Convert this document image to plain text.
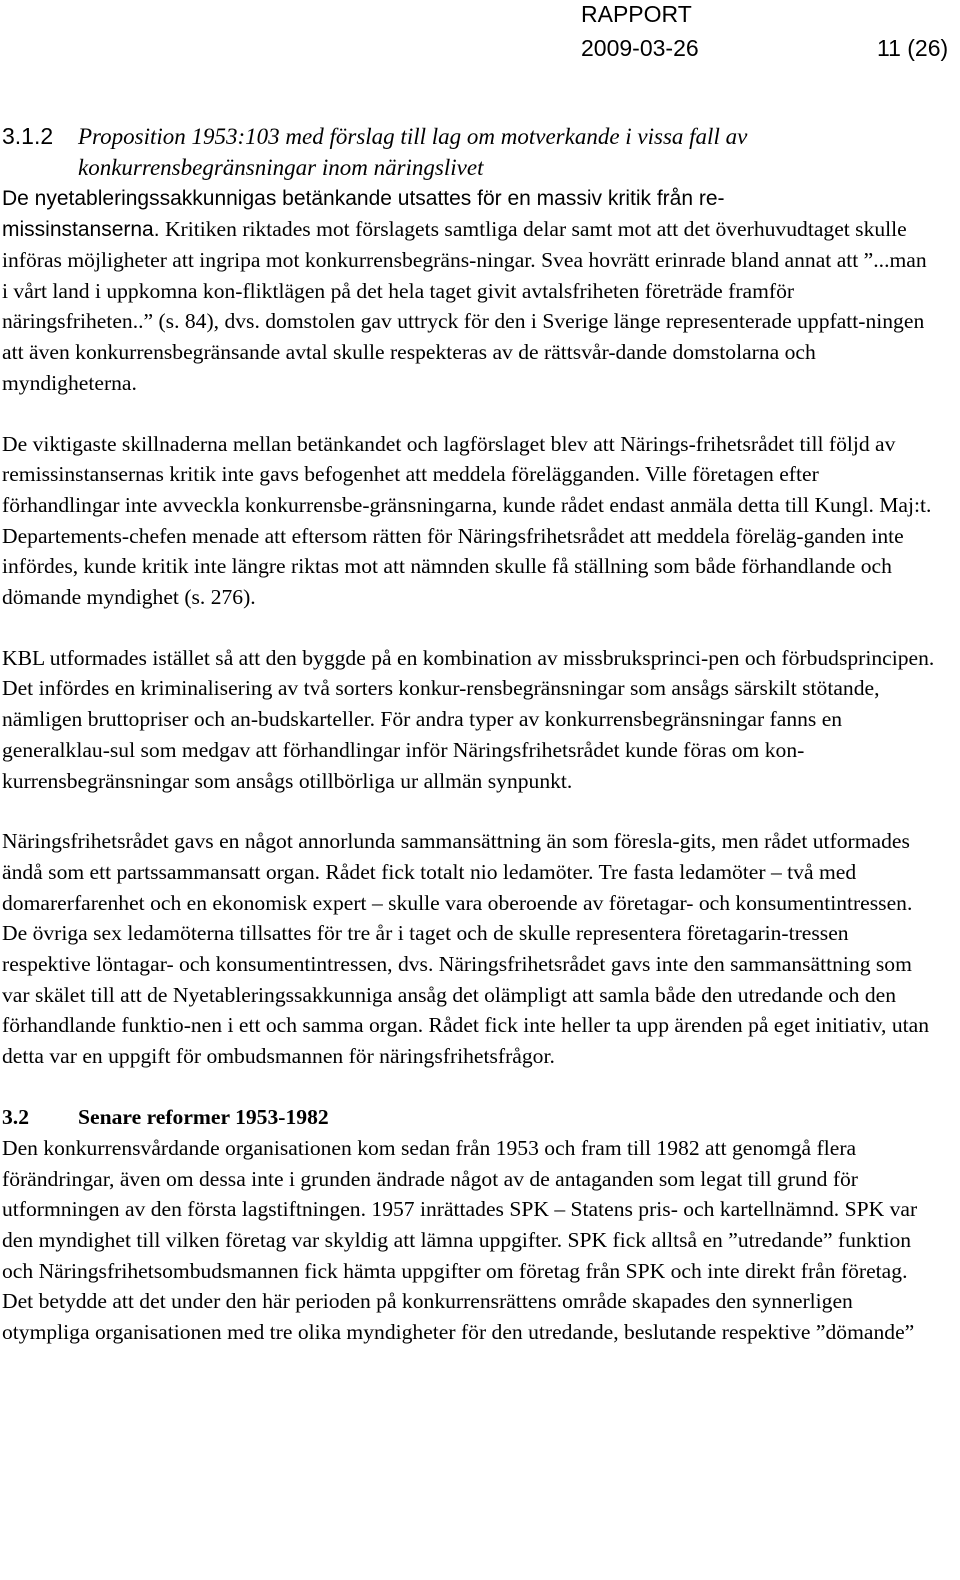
RAPPORT
2009-03-26	11 (26)
3.1.2	Proposition 1953:103 med förslag till lag om motverkande i vissa fall av
konkurrensbegränsningar inom näringslivet

De nyetableringssakkunnigas betänkande utsattes för en massiv kritik från re-

missinstanserna. Kritiken riktades mot förslagets samtliga delar samt mot att det överhuvudtaget skulle införas möjligheter att ingripa mot konkurrensbegräns-ningar. Svea hovrätt erinrade bland annat att ”...man i vårt land i uppkomna kon-fliktlägen på det hela taget givit avtalsfriheten företräde framför näringsfriheten..” (s. 84), dvs. domstolen gav uttryck för den i Sverige länge representerade uppfatt-ningen att även konkurrensbegränsande avtal skulle respekteras av de rättsvår-dande domstolarna och myndigheterna.

De viktigaste skillnaderna mellan betänkandet och lagförslaget blev att Närings-frihetsrådet till följd av remissinstansernas kritik inte gavs befogenhet att meddela förelägganden. Ville företagen efter förhandlingar inte avveckla konkurrensbe-gränsningarna, kunde rådet endast anmäla detta till Kungl. Maj:t. Departements-chefen menade att eftersom rätten för Näringsfrihetsrådet att meddela föreläg-ganden inte infördes, kunde kritik inte längre riktas mot att nämnden skulle få ställning som både förhandlande och dömande myndighet (s. 276).

KBL utformades istället så att den byggde på en kombination av missbruksprinci-pen och förbudsprincipen. Det infördes en kriminalisering av två sorters konkur-rensbegränsningar som ansågs särskilt stötande, nämligen bruttopriser och an-budskarteller. För andra typer av konkurrensbegränsningar fanns en generalklau-sul som medgav att förhandlingar inför Näringsfrihetsrådet kunde föras om kon-kurrensbegränsningar som ansågs otillbörliga ur allmän synpunkt.

Näringsfrihetsrådet gavs en något annorlunda sammansättning än som föresla-gits, men rådet utformades ändå som ett partssammansatt organ. Rådet fick totalt nio ledamöter. Tre fasta ledamöter – två med domarerfarenhet och en ekonomisk expert – skulle vara oberoende av företagar- och konsumentintressen. De övriga sex ledamöterna tillsattes för tre år i taget och de skulle representera företagarin-tressen respektive löntagar- och konsumentintressen, dvs. Näringsfrihetsrådet gavs inte den sammansättning som var skälet till att de Nyetableringssakkunniga ansåg det olämpligt att samla både den utredande och den förhandlande funktio-nen i ett och samma organ. Rådet fick inte heller ta upp ärenden på eget initiativ, utan detta var en uppgift för ombudsmannen för näringsfrihetsfrågor.

3.2	Senare reformer 1953-1982

Den konkurrensvårdande organisationen kom sedan från 1953 och fram till 1982 att genomgå flera förändringar, även om dessa inte i grunden ändrade något av de antaganden som legat till grund för utformningen av den första lagstiftningen. 1957 inrättades SPK – Statens pris- och kartellnämnd. SPK var den myndighet till vilken företag var skyldig att lämna uppgifter. SPK fick alltså en ”utredande” funktion och Näringsfrihetsombudsmannen fick hämta uppgifter om företag från SPK och inte direkt från företag. Det betydde att det under den här perioden på konkurrensrättens område skapades den synnerligen otympliga organisationen med tre olika myndigheter för den utredande, beslutande respektive ”dömande”
